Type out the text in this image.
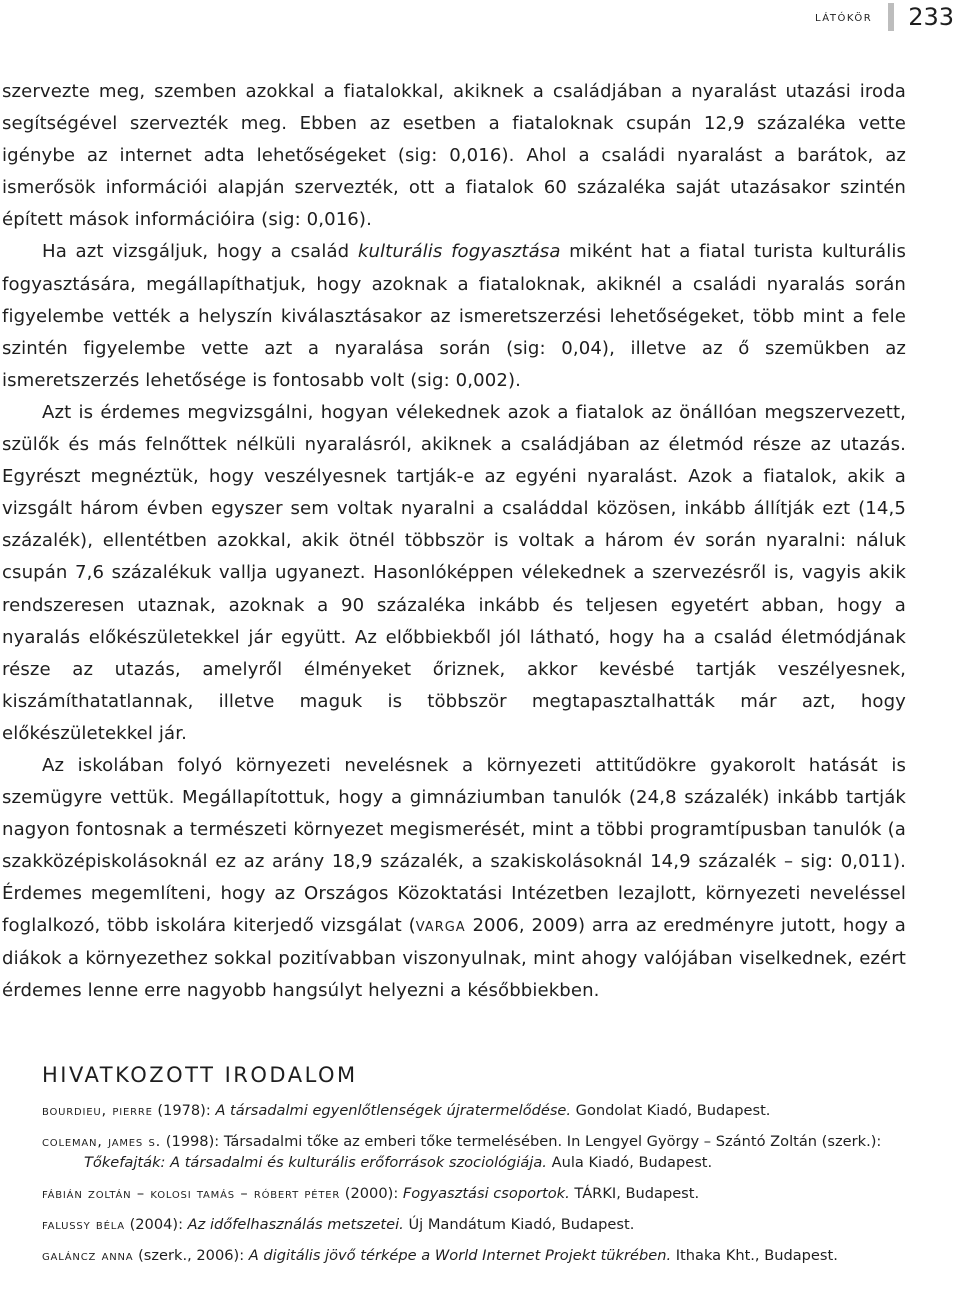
látókör	233

szervezte meg, szemben azokkal a fiatalokkal, akiknek a családjában a nyaralást utazási iroda segítségével szervezték meg. Ebben az esetben a fiataloknak csupán 12,9 százaléka vette igénybe az internet adta lehetőségeket (sig: 0,016). Ahol a családi nyaralást a barátok, az ismerősök információi alapján szervezték, ott a fiatalok 60 százaléka saját utazásakor szintén épített mások információira (sig: 0,016).

Ha azt vizsgáljuk, hogy a család kulturális fogyasztása miként hat a fiatal turista kulturális fogyasztására, megállapíthatjuk, hogy azoknak a fiataloknak, akiknél a családi nyaralás során figyelembe vették a helyszín kiválasztásakor az ismeretszerzési lehetőségeket, több mint a fele szintén figyelembe vette azt a nyaralása során (sig: 0,04), illetve az ő szemükben az ismeretszerzés lehetősége is fontosabb volt (sig: 0,002).

Azt is érdemes megvizsgálni, hogyan vélekednek azok a fiatalok az önállóan megszervezett, szülők és más felnőttek nélküli nyaralásról, akiknek a családjában az életmód része az utazás. Egyrészt megnéztük, hogy veszélyesnek tartják-e az egyéni nyaralást. Azok a fiatalok, akik a vizsgált három évben egyszer sem voltak nyaralni a családdal közösen, inkább állítják ezt (14,5 százalék), ellentétben azokkal, akik ötnél többször is voltak a három év során nyaralni: náluk csupán 7,6 százalékuk vallja ugyanezt. Hasonlóképpen vélekednek a szervezésről is, vagyis akik rendszeresen utaznak, azoknak a 90 százaléka inkább és teljesen egyetért abban, hogy a nyaralás előkészületekkel jár együtt. Az előbbiekből jól látható, hogy ha a család életmódjának része az utazás, amelyről élményeket őriznek, akkor kevésbé tartják veszélyesnek, kiszámíthatatlannak, illetve maguk is többször megtapasztalhatták már azt, hogy előkészületekkel jár.

Az iskolában folyó környezeti nevelésnek a környezeti attitűdökre gyakorolt hatását is szemügyre vettük. Megállapítottuk, hogy a gimnáziumban tanulók (24,8 százalék) inkább tartják nagyon fontosnak a természeti környezet megismerését, mint a többi programtípusban tanulók (a szakközépiskolásoknál ez az arány 18,9 százalék, a szakiskolásoknál 14,9 százalék – sig: 0,011). Érdemes megemlíteni, hogy az Országos Közoktatási Intézetben lezajlott, környezeti neveléssel foglalkozó, több iskolára kiterjedő vizsgálat (varga 2006, 2009) arra az eredményre jutott, hogy a diákok a környezethez sokkal pozitívabban viszonyulnak, mint ahogy valójában viselkednek, ezért érdemes lenne erre nagyobb hangsúlyt helyezni a későbbiekben.

HIVATKOZOTT IRODALOM

bourdieu, pierre (1978): A társadalmi egyenlőtlenségek újratermelődése. Gondolat Kiadó, Budapest.

coleman, james s. (1998): Társadalmi tőke az emberi tőke termelésében. In Lengyel György – Szántó Zoltán (szerk.): Tőkefajták: A társadalmi és kulturális erőforrások szociológiája. Aula Kiadó, Budapest.

fábián zoltán – kolosi tamás – róbert péter (2000): Fogyasztási csoportok. TÁRKI, Budapest.

falussy béla (2004): Az időfelhasználás metszetei. Új Mandátum Kiadó, Budapest.

galáncz anna (szerk., 2006): A digitális jövő térképe a World Internet Projekt tükrében. Ithaka Kht., Budapest.
